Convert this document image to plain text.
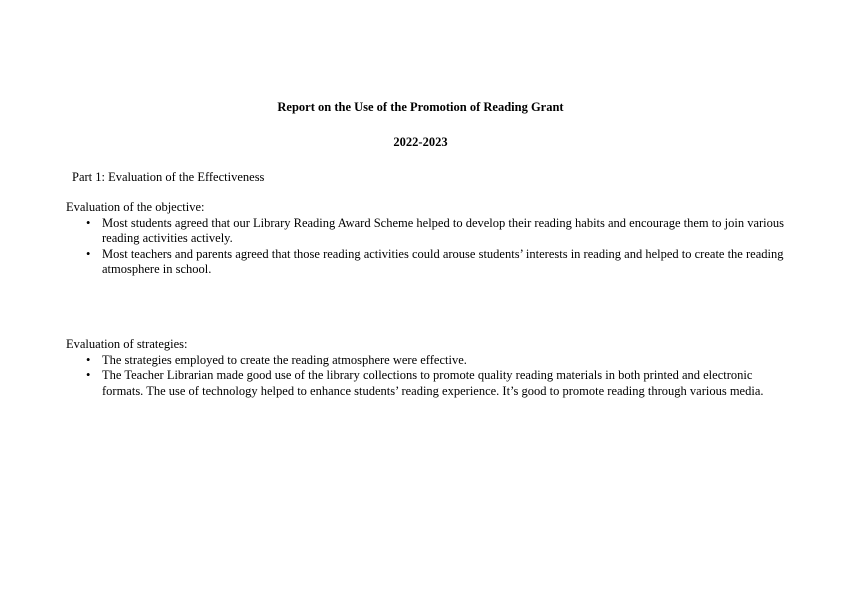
Report on the Use of the Promotion of Reading Grant
2022-2023
Part 1: Evaluation of the Effectiveness

Evaluation of the objective:

• Most students agreed that our Library Reading Award Scheme helped to develop their reading habits and encourage them to join various reading activities actively.
• Most teachers and parents agreed that those reading activities could arouse students’ interests in reading and helped to create the reading atmosphere in school.

Evaluation of strategies:

• The strategies employed to create the reading atmosphere were effective.
• The Teacher Librarian made good use of the library collections to promote quality reading materials in both printed and electronic formats. The use of technology helped to enhance students’ reading experience. It’s good to promote reading through various media.
